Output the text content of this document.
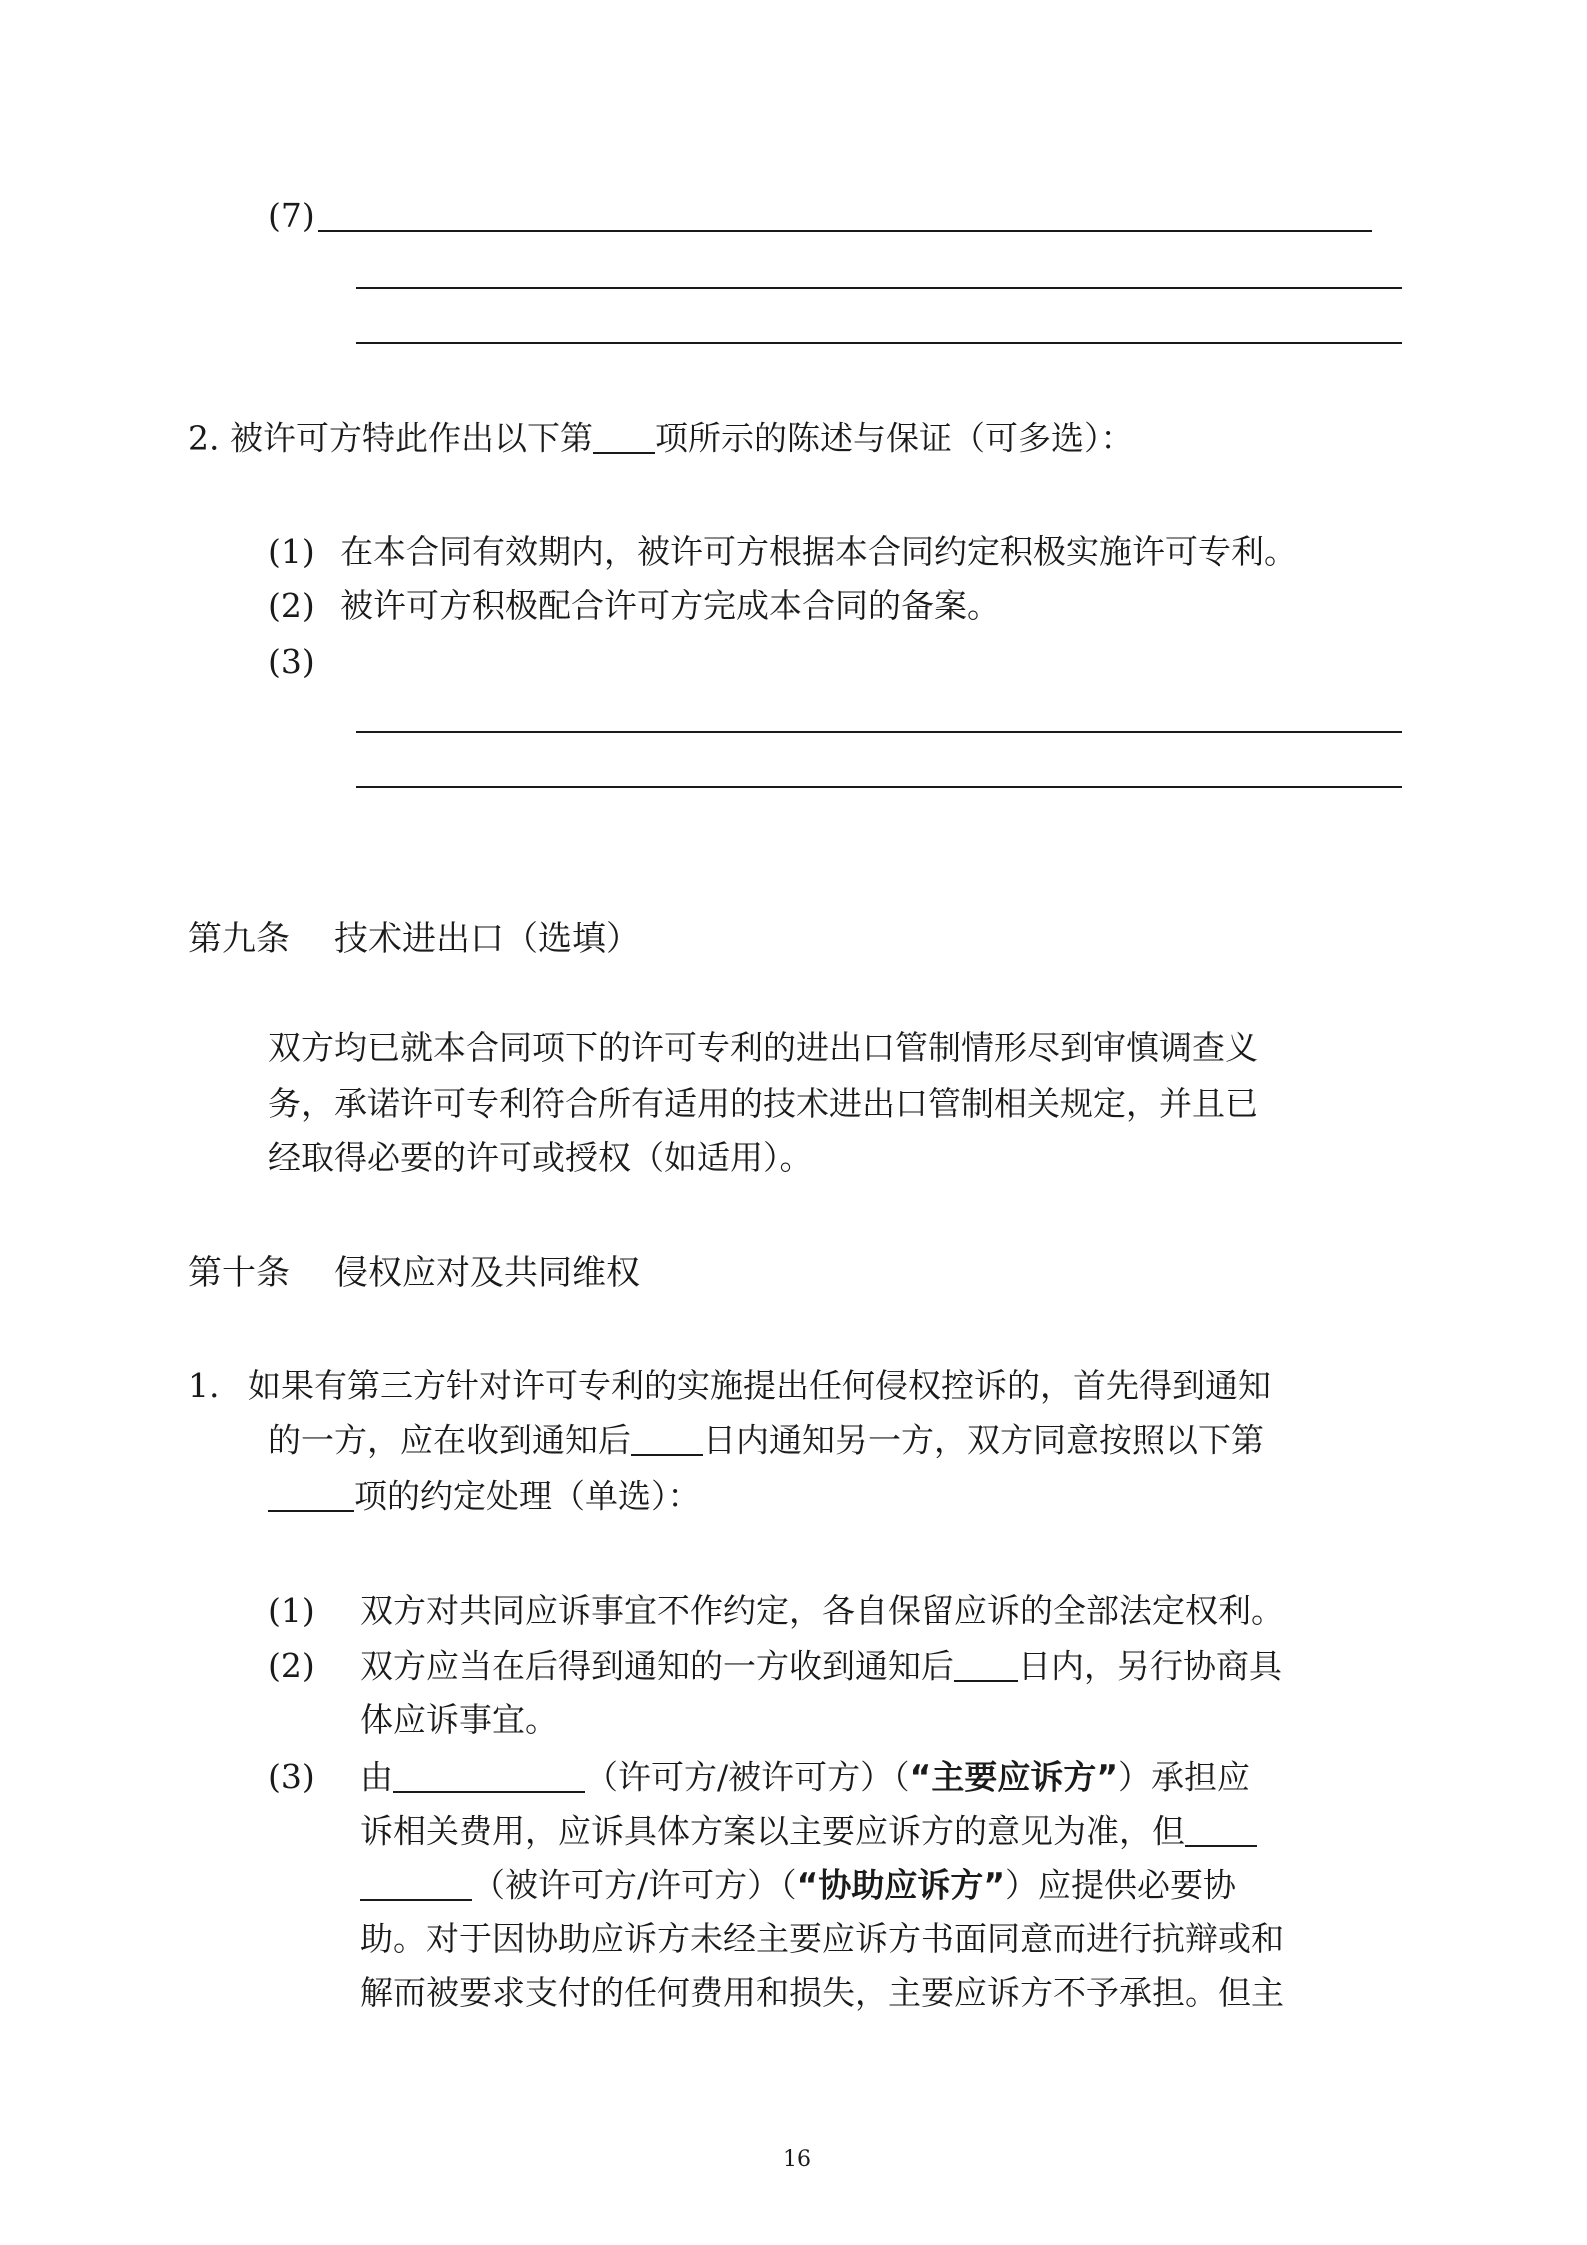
(7)
2. 被许可方特此作出以下第 项所示的陈述与保证（可多选）：
(1) 在本合同有效期内，被许可方根据本合同约定积极实施许可专利。
(2) 被许可方积极配合许可方完成本合同的备案。
(3)
第九条 技术进出口（选填）
双方均已就本合同项下的许可专利的进出口管制情形尽到审慎调查义
务，承诺许可专利符合所有适用的技术进出口管制相关规定，并且已
经取得必要的许可或授权（如适用）。
第十条 侵权应对及共同维权
1. 如果有第三方针对许可专利的实施提出任何侵权控诉的，首先得到通知
的一方，应在收到通知后 日内通知另一方，双方同意按照以下第
项的约定处理（单选）：
(1) 双方对共同应诉事宜不作约定，各自保留应诉的全部法定权利。
(2) 双方应当在后得到通知的一方收到通知后 日内，另行协商具
体应诉事宜。
(3) 由	（许可方/被许可方）（“主要应诉方”）承担应
诉相关费用，应诉具体方案以主要应诉方的意见为准，但
（被许可方/许可方）（“协助应诉方”）应提供必要协
助。对于因协助应诉方未经主要应诉方书面同意而进行抗辩或和
解而被要求支付的任何费用和损失，主要应诉方不予承担。但主
16
